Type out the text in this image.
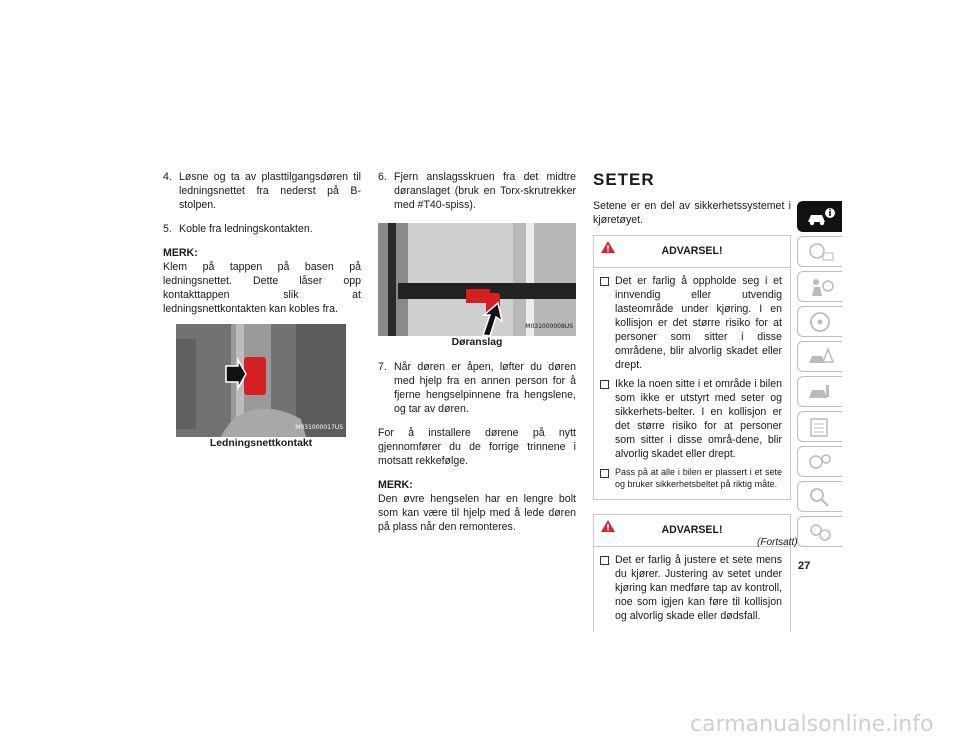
4. Løsne og ta av plasttilgangsdøren til ledningsnettet fra nederst på B-stolpen.
5. Koble fra ledningskontakten.

MERK:

Klem på tappen på basen på ledningsnettet. Dette låser opp kontakttappen slik at ledningsnettkontakten kan kobles fra.

M031000017US

Ledningsnettkontakt

6. Fjern anslagsskruen fra det midtre døranslaget (bruk en Torx-skrutrekker med #T40-spiss).
M031000008US

Døranslag

7. Når døren er åpen, løfter du døren med hjelp fra en annen person for å fjerne hengselpinnene fra hengslene, og tar av døren.

For å installere dørene på nytt gjennomfører du de forrige trinnene i motsatt rekkefølge.

MERK:

Den øvre hengselen har en lengre bolt som kan være til hjelp med å lede døren på plass når den remonteres.

SETER

Setene er en del av sikkerhetssystemet i kjøretøyet.

ADVARSEL!
Det er farlig å oppholde seg i et innvendig eller utvendig lasteområde under kjøring. I en kollisjon er det større risiko for at personer som sitter i disse områdene, blir alvorlig skadet eller drept.
Ikke la noen sitte i et område i bilen som ikke er utstyrt med seter og sikkerhets-belter. I en kollisjon er det større risiko for at personer som sitter i disse områ-dene, blir alvorlig skadet eller drept.
Pass på at alle i bilen er plassert i et sete og bruker sikkerhetsbeltet på riktig måte.
ADVARSEL!
Det er farlig å justere et sete mens du kjører. Justering av setet under kjøring kan medføre tap av kontroll, noe som igjen kan føre til kollisjon og alvorlig skade eller dødsfall.
(Fortsatt)
27
carmanualsonline.info
